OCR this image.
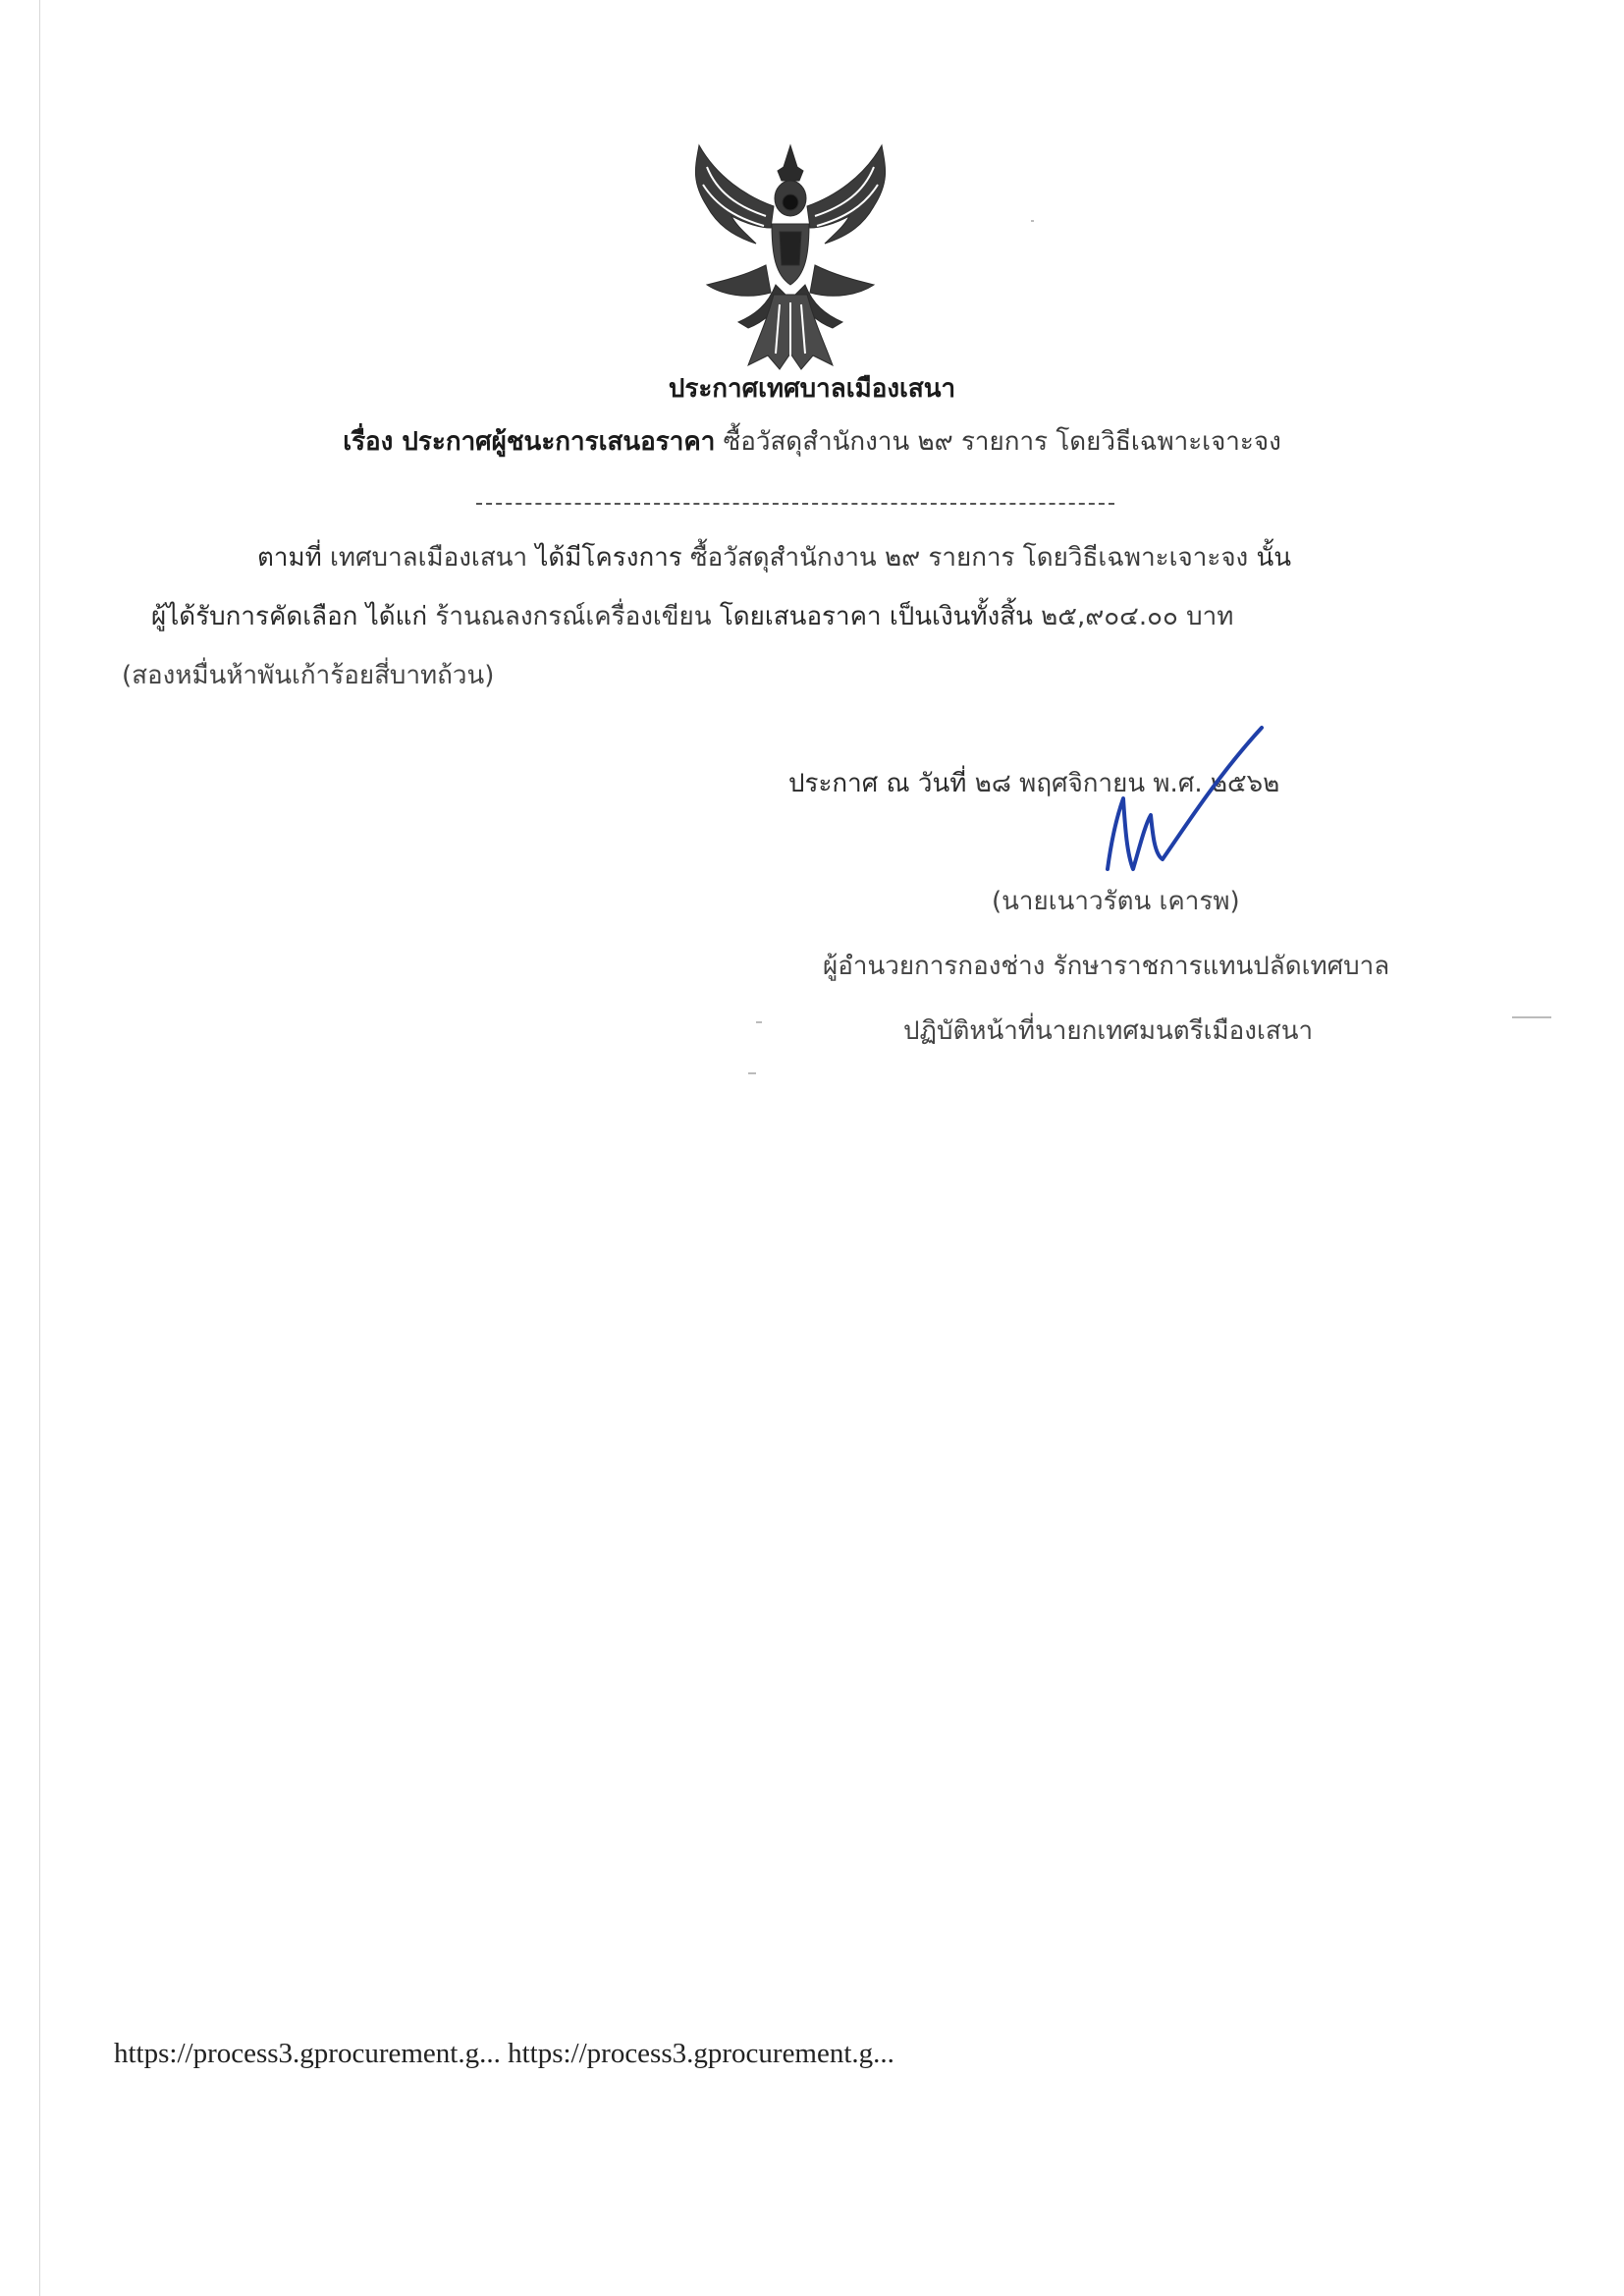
ประกาศเทศบาลเมืองเสนา
เรื่อง ประกาศผู้ชนะการเสนอราคา ซื้อวัสดุสำนักงาน ๒๙ รายการ โดยวิธีเฉพาะเจาะจง
ตามที่ เทศบาลเมืองเสนา ได้มีโครงการ ซื้อวัสดุสำนักงาน ๒๙ รายการ โดยวิธีเฉพาะเจาะจง นั้น
ผู้ได้รับการคัดเลือก ได้แก่ ร้านณลงกรณ์เครื่องเขียน โดยเสนอราคา เป็นเงินทั้งสิ้น ๒๕,๙๐๔.๐๐ บาท
(สองหมื่นห้าพันเก้าร้อยสี่บาทถ้วน)
ประกาศ ณ วันที่ ๒๘ พฤศจิกายน พ.ศ. ๒๕๖๒
(นายเนาวรัตน เคารพ)
ผู้อำนวยการกองช่าง รักษาราชการแทนปลัดเทศบาล
ปฏิบัติหน้าที่นายกเทศมนตรีเมืองเสนา
https://process3.gprocurement.g... https://process3.gprocurement.g...
